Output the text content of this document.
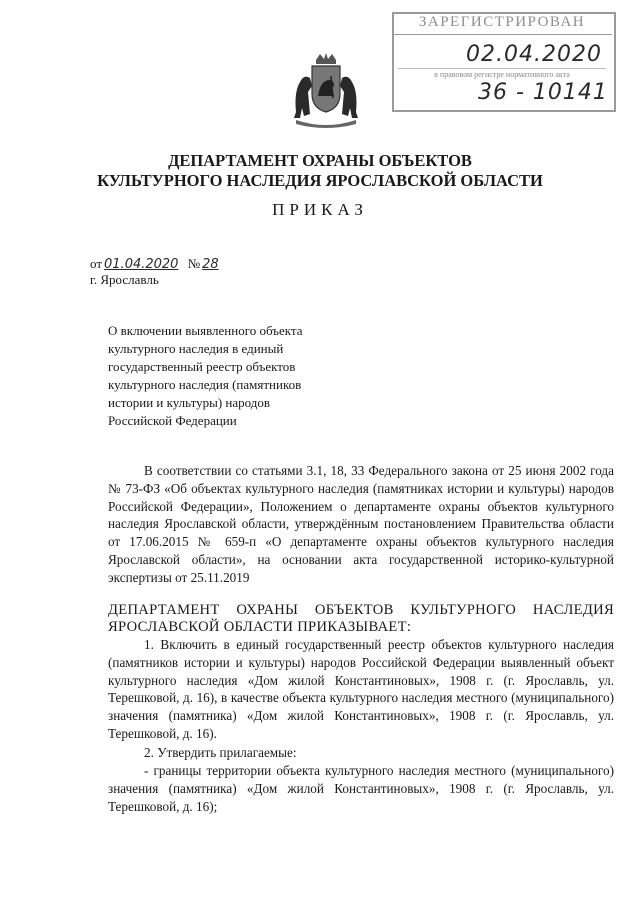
ЗАРЕГИСТРИРОВАН
02.04.2020
в правовом регистре нормативного акта
36 - 10141
ДЕПАРТАМЕНТ ОХРАНЫ ОБЪЕКТОВ
КУЛЬТУРНОГО НАСЛЕДИЯ ЯРОСЛАВСКОЙ ОБЛАСТИ
ПРИКАЗ
от 01.04.2020 № 28
г. Ярославль
О включении выявленного объекта
культурного наследия в единый
государственный реестр объектов
культурного наследия (памятников
истории и культуры) народов
Российской Федерации
В соответствии со статьями 3.1, 18, 33 Федерального закона от 25 июня 2002 года № 73-ФЗ «Об объектах культурного наследия (памятниках истории и культуры) народов Российской Федерации», Положением о департаменте охраны объектов культурного наследия Ярославской области, утверждённым постановлением Правительства области от 17.06.2015 № 659-п «О департаменте охраны объектов культурного наследия Ярославской области», на основании акта государственной историко-культурной экспертизы от 25.11.2019
ДЕПАРТАМЕНТ ОХРАНЫ ОБЪЕКТОВ КУЛЬТУРНОГО НАСЛЕДИЯ ЯРОСЛАВСКОЙ ОБЛАСТИ ПРИКАЗЫВАЕТ:
1. Включить в единый государственный реестр объектов культурного наследия (памятников истории и культуры) народов Российской Федерации выявленный объект культурного наследия «Дом жилой Константиновых», 1908 г. (г. Ярославль, ул. Терешковой, д. 16), в качестве объекта культурного наследия местного (муниципального) значения (памятника) «Дом жилой Константиновых», 1908 г. (г. Ярославль, ул. Терешковой, д. 16).
2. Утвердить прилагаемые:
- границы территории объекта культурного наследия местного (муниципального) значения (памятника) «Дом жилой Константиновых», 1908 г. (г. Ярославль, ул. Терешковой, д. 16);
